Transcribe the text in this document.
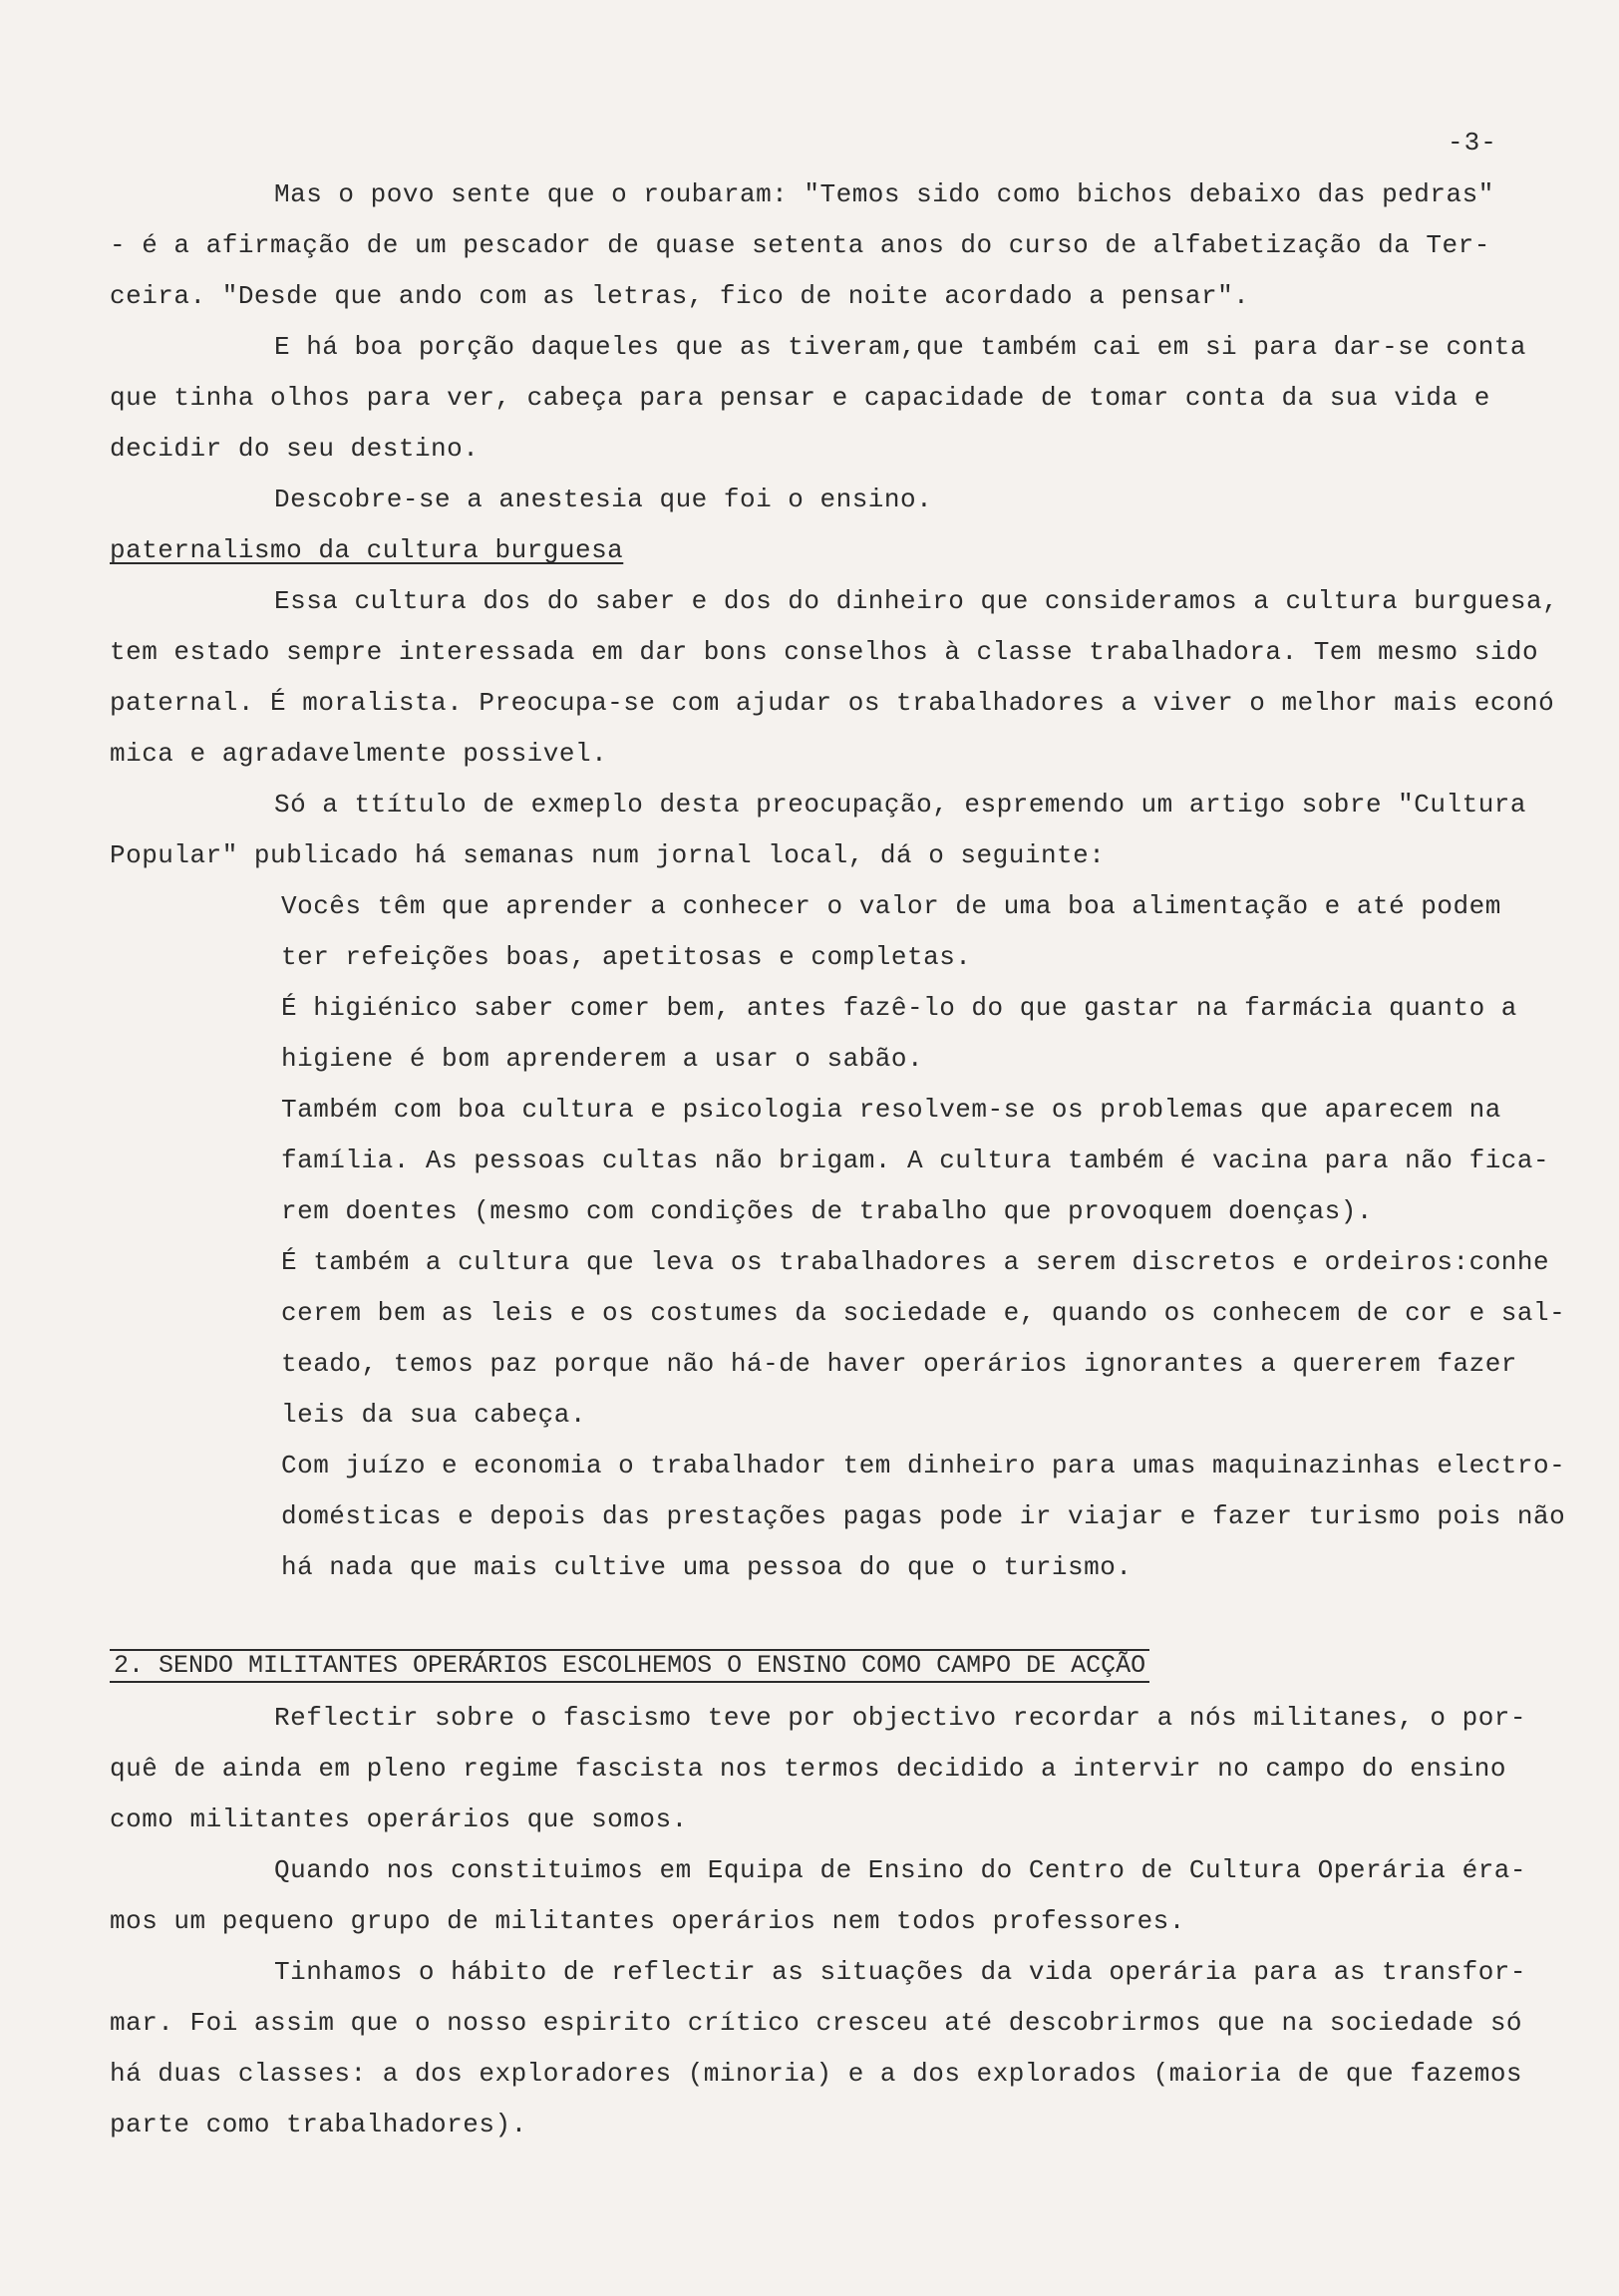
-3-
Mas o povo sente que o roubaram: "Temos sido como bichos debaixo das pedras"
- é a afirmação de um pescador de quase setenta anos do curso de alfabetização da Ter-
ceira. "Desde que ando com as letras, fico de noite acordado a pensar".
E há boa porção daqueles que as tiveram,que também cai em si para dar-se conta
que tinha olhos para ver, cabeça para pensar e capacidade de tomar conta da sua vida e
decidir do seu destino.
Descobre-se a anestesia que foi o ensino.
paternalismo da cultura burguesa
Essa cultura dos do saber e dos do dinheiro que consideramos a cultura burguesa,
tem estado sempre interessada em dar bons conselhos à classe trabalhadora. Tem mesmo sido
paternal. É moralista. Preocupa-se com ajudar os trabalhadores a viver o melhor mais econó
mica e agradavelmente possivel.
Só a ttítulo de exmeplo desta preocupação, espremendo um artigo sobre "Cultura
Popular" publicado há semanas num jornal local, dá o seguinte:
Vocês têm que aprender a conhecer o valor de uma boa alimentação e até podem
ter refeições boas, apetitosas e completas.
É higiénico saber comer bem, antes fazê-lo do que gastar na farmácia quanto a
higiene é bom aprenderem a usar o sabão.
Também com boa cultura e psicologia resolvem-se os problemas que aparecem na
família. As pessoas cultas não brigam. A cultura também é vacina para não fica-
rem doentes (mesmo com condições de trabalho que provoquem doenças).
É também a cultura que leva os trabalhadores a serem discretos e ordeiros:conhe
cerem bem as leis e os costumes da sociedade e, quando os conhecem de cor e sal-
teado, temos paz porque não há-de haver operários ignorantes a quererem fazer
leis da sua cabeça.
Com juízo e economia o trabalhador tem dinheiro para umas maquinazinhas electro-
domésticas e depois das prestações pagas pode ir viajar e fazer turismo pois não
há nada que mais cultive uma pessoa do que o turismo.
2. SENDO MILITANTES OPERÁRIOS ESCOLHEMOS O ENSINO COMO CAMPO DE ACÇÃO
Reflectir sobre o fascismo teve por objectivo recordar a nós militanes, o por-
quê de ainda em pleno regime fascista nos termos decidido a intervir no campo do ensino
como militantes operários que somos.
Quando nos constituimos em Equipa de Ensino do Centro de Cultura Operária éra-
mos um pequeno grupo de militantes operários nem todos professores.
Tinhamos o hábito de reflectir as situações da vida operária para as transfor-
mar. Foi assim que o nosso espirito crítico cresceu até descobrirmos que na sociedade só
há duas classes: a dos exploradores (minoria) e a dos explorados (maioria de que fazemos
parte como trabalhadores).
